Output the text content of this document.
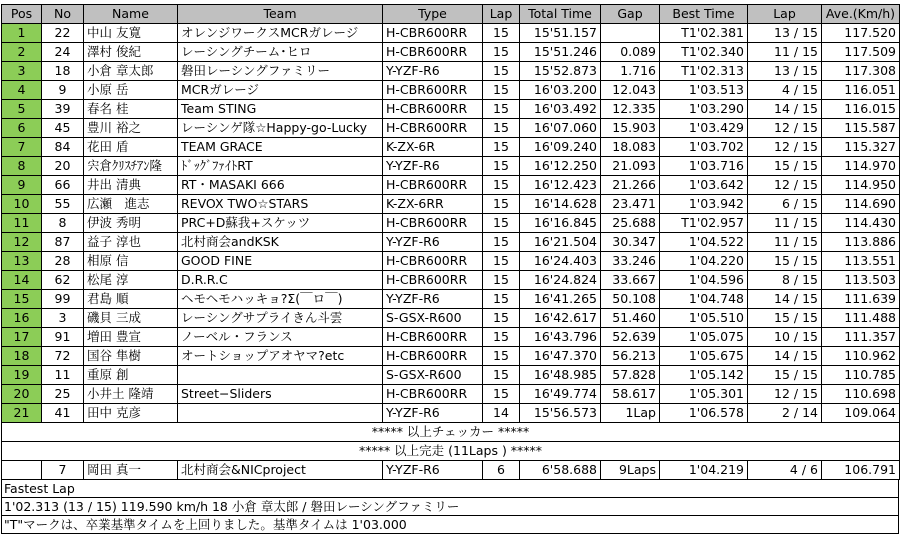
Pos	No	Name	Team	Type	Lap	Total Time	Gap	Best Time	Lap	Ave.(Km/h)
1	22	中山 友寛	オレンジワークスMCRガレージ	H-CBR600RR	15	15'51.157		T1'02.381	13 / 15	117.520
2	24	澤村 俊紀	レーシングチーム･ヒロ	H-CBR600RR	15	15'51.246	0.089	T1'02.340	11 / 15	117.509
3	18	小倉 章太郎	磐田レーシングファミリー	Y-YZF-R6	15	15'52.873	1.716	T1'02.313	13 / 15	117.308
4	9	小原 岳	MCRガレージ	H-CBR600RR	15	16'03.200	12.043	1'03.513	4 / 15	116.051
5	39	春名 桂	Team STING	H-CBR600RR	15	16'03.492	12.335	1'03.290	14 / 15	116.015
6	45	豊川 裕之	レーシンゲ隊☆Happy-go-Lucky	H-CBR600RR	15	16'07.060	15.903	1'03.429	12 / 15	115.587
7	84	花田 盾	TEAM GRACE	K-ZX-6R	15	16'09.240	18.083	1'03.702	12 / 15	115.327
8	20	宍倉ｸﾘｽﾁｱﾝ隆	ﾄﾞｯｸﾞﾌｧｲﾄRT	Y-YZF-R6	15	16'12.250	21.093	1'03.716	15 / 15	114.970
9	66	井出 清典	RT・MASAKI 666	H-CBR600RR	15	16'12.423	21.266	1'03.642	12 / 15	114.950
10	55	広瀬　進志	REVOX TWO☆STARS	K-ZX-6RR	15	16'14.628	23.471	1'03.942	6 / 15	114.690
11	8	伊波 秀明	PRC+D蘇我+スケッツ	H-CBR600RR	15	16'16.845	25.688	T1'02.957	11 / 15	114.430
12	87	益子 淳也	北村商会andKSK	Y-YZF-R6	15	16'21.504	30.347	1'04.522	11 / 15	113.886
13	28	相原 信	GOOD FINE	H-CBR600RR	15	16'24.403	33.246	1'04.220	15 / 15	113.551
14	62	松尾 淳	D.R.R.C	H-CBR600RR	15	16'24.824	33.667	1'04.596	8 / 15	113.503
15	99	君島 順	ヘモヘモハッキョ?Σ(￣ロ￣)	Y-YZF-R6	15	16'41.265	50.108	1'04.748	14 / 15	111.639
16	3	磯貝 三成	レーシングサプライきん斗雲	S-GSX-R600	15	16'42.617	51.460	1'05.510	15 / 15	111.488
17	91	増田 豊宣	ノーベル・フランス	H-CBR600RR	15	16'43.796	52.639	1'05.075	10 / 15	111.357
18	72	国谷 隼樹	オートショップアオヤマ?etc	H-CBR600RR	15	16'47.370	56.213	1'05.675	14 / 15	110.962
19	11	重原 創		S-GSX-R600	15	16'48.985	57.828	1'05.142	15 / 15	110.785
20	25	小井土 隆靖	Street−Sliders	H-CBR600RR	15	16'49.774	58.617	1'05.301	12 / 15	110.698
21	41	田中 克彦		Y-YZF-R6	14	15'56.573	1Lap	1'06.578	2 / 14	109.064
***** 以上チェッカー *****										
***** 以上完走 (11Laps ) *****										
	7	岡田 真一	北村商会&NICproject	Y-YZF-R6	6	6'58.688	9Laps	1'04.219	4 / 6	106.791
Fastest Lap
1'02.313 (13 / 15) 119.590 km/h 18 小倉 章太郎 / 磐田レーシングファミリー
"T"マークは、卒業基準タイムを上回りました。基準タイムは 1'03.000
